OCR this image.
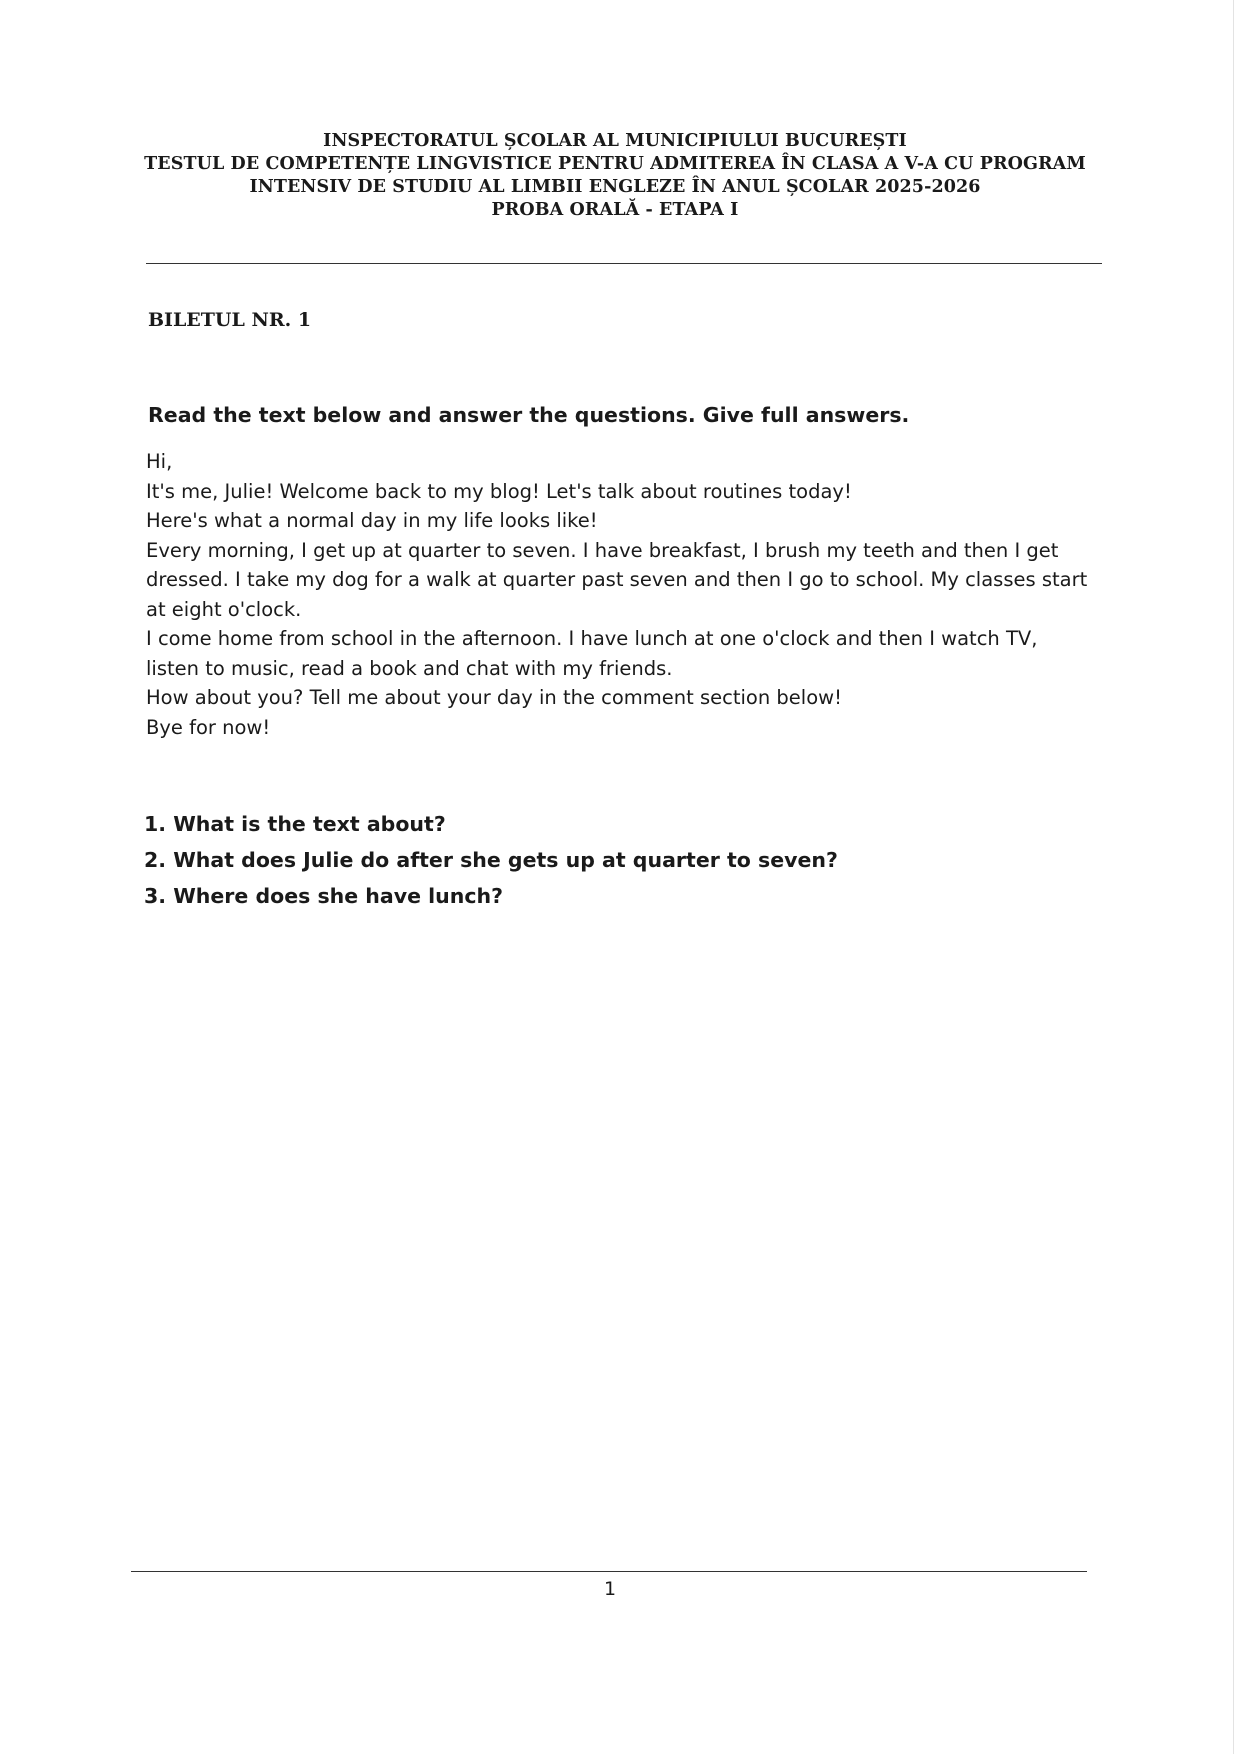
INSPECTORATUL ȘCOLAR AL MUNICIPIULUI BUCUREȘTI
TESTUL DE COMPETENȚE LINGVISTICE PENTRU ADMITEREA ÎN CLASA A V-A CU PROGRAM
INTENSIV DE STUDIU AL LIMBII ENGLEZE ÎN ANUL ȘCOLAR 2025-2026
PROBA ORALĂ - ETAPA I
BILETUL NR. 1
Read the text below and answer the questions. Give full answers.

Hi,

It's me, Julie! Welcome back to my blog! Let's talk about routines today!

Here's what a normal day in my life looks like!

Every morning, I get up at quarter to seven. I have breakfast, I brush my teeth and then I get dressed. I take my dog for a walk at quarter past seven and then I go to school. My classes start at eight o'clock.

I come home from school in the afternoon. I have lunch at one o'clock and then I watch TV, listen to music, read a book and chat with my friends.

How about you? Tell me about your day in the comment section below!

Bye for now!

1. What is the text about?
2. What does Julie do after she gets up at quarter to seven?
3. Where does she have lunch?
1
